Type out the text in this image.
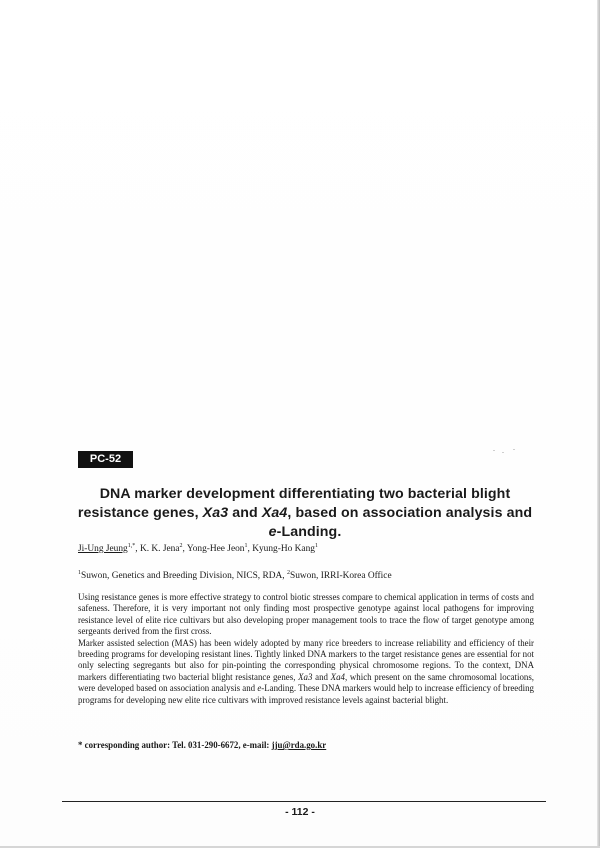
PC-52
DNA marker development differentiating two bacterial blight
resistance genes, Xa3 and Xa4, based on association analysis and
e-Landing.
Ji-Ung Jeung$^{1,*}$, K. K. Jena$^2$, Yong-Hee Jeon$^1$, Kyung-Ho Kang$^1$
$^1$Suwon, Genetics and Breeding Division, NICS, RDA, $^2$Suwon, IRRI-Korea Office

Using resistance genes is more effective strategy to control biotic stresses compare to chemical application in terms of costs and safeness. Therefore, it is very important not only finding most prospective genotype against local pathogens for improving resistance level of elite rice cultivars but also developing proper management tools to trace the flow of target genotype among sergeants derived from the first cross.

Marker assisted selection (MAS) has been widely adopted by many rice breeders to increase reliability and efficiency of their breeding programs for developing resistant lines. Tightly linked DNA markers to the target resistance genes are essential for not only selecting segregants but also for pin-pointing the corresponding physical chromosome regions. To the context, DNA markers differentiating two bacterial blight resistance genes, Xa3 and Xa4, which present on the same chromosomal locations, were developed based on association analysis and e-Landing. These DNA markers would help to increase efficiency of breeding programs for developing new elite rice cultivars with improved resistance levels against bacterial blight.

* corresponding author: Tel. 031-290-6672, e-mail: jju@rda.go.kr
- 112 -
